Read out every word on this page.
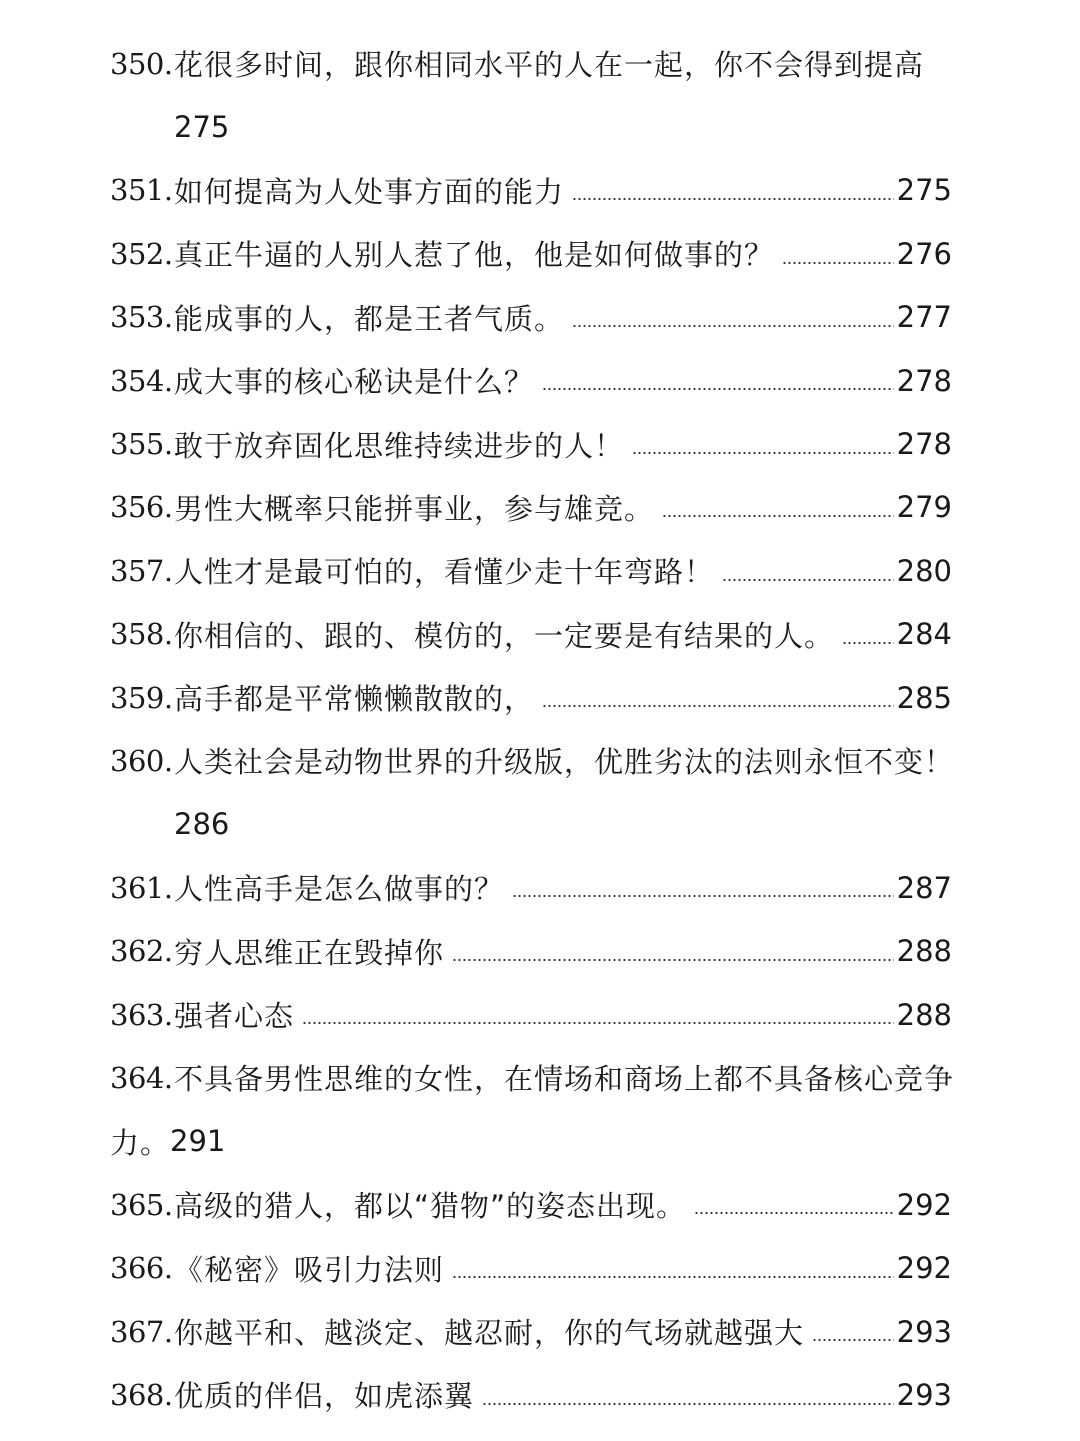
350. 花很多时间，跟你相同水平的人在一起，你不会得到提高
275
351. 如何提高为人处事方面的能力	275
352. 真正牛逼的人别人惹了他，他是如何做事的？	276
353. 能成事的人，都是王者气质。	277
354. 成大事的核心秘诀是什么？	278
355. 敢于放弃固化思维持续进步的人！	278
356. 男性大概率只能拼事业，参与雄竞。	279
357. 人性才是最可怕的，看懂少走十年弯路！	280
358. 你相信的、跟的、模仿的，一定要是有结果的人。 284
359. 高手都是平常懒懒散散的，	285
360. 人类社会是动物世界的升级版，优胜劣汰的法则永恒不变！
286
361. 人性高手是怎么做事的？	287
362. 穷人思维正在毁掉你	288
363. 强者心态	288
364. 不具备男性思维的女性，在情场和商场上都不具备核心竞争
力。 291
365. 高级的猎人，都以“猎物”的姿态出现。	292
366. 《秘密》吸引力法则	292
367. 你越平和、越淡定、越忍耐，你的气场就越强大	293
368. 优质的伴侣，如虎添翼	293
